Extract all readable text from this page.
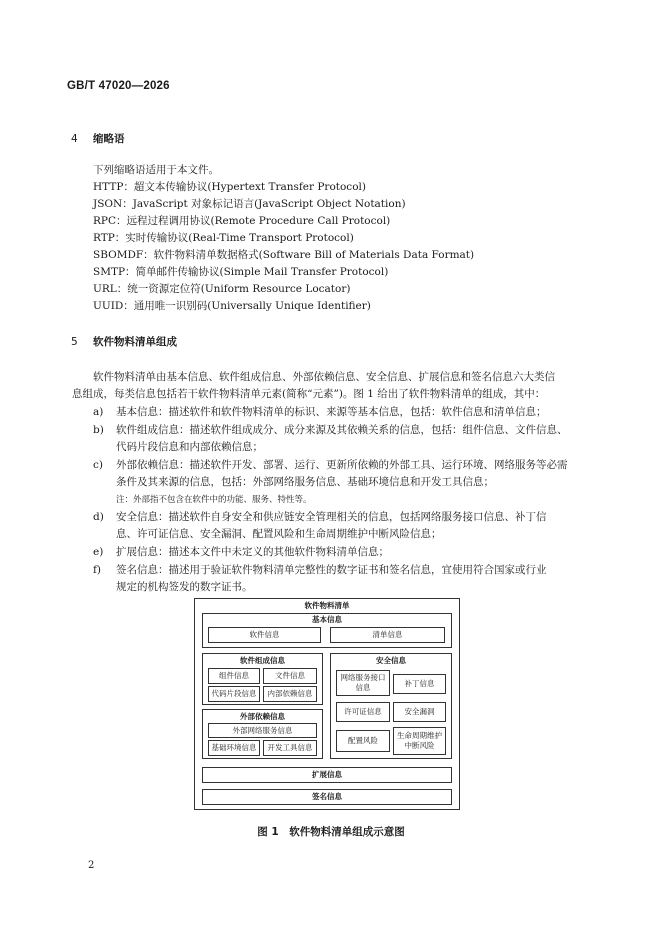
GB/T 47020—2026
4 缩略语
下列缩略语适用于本文件。
HTTP：超文本传输协议(Hypertext Transfer Protocol)
JSON：JavaScript 对象标记语言(JavaScript Object Notation)
RPC：远程过程调用协议(Remote Procedure Call Protocol)
RTP：实时传输协议(Real-Time Transport Protocol)
SBOMDF：软件物料清单数据格式(Software Bill of Materials Data Format)
SMTP：简单邮件传输协议(Simple Mail Transfer Protocol)
URL：统一资源定位符(Uniform Resource Locator)
UUID：通用唯一识别码(Universally Unique Identifier)
5 软件物料清单组成
软件物料清单由基本信息、软件组成信息、外部依赖信息、安全信息、扩展信息和签名信息六大类信
息组成，每类信息包括若干软件物料清单元素(简称“元素”)。图 1 给出了软件物料清单的组成，其中：
a) 基本信息：描述软件和软件物料清单的标识、来源等基本信息，包括：软件信息和清单信息；
b) 软件组成信息：描述软件组成成分、成分来源及其依赖关系的信息，包括：组件信息、文件信息、
代码片段信息和内部依赖信息；
c) 外部依赖信息：描述软件开发、部署、运行、更新所依赖的外部工具、运行环境、网络服务等必需
条件及其来源的信息，包括：外部网络服务信息、基础环境信息和开发工具信息；
注：外部指不包含在软件中的功能、服务、特性等。
d) 安全信息：描述软件自身安全和供应链安全管理相关的信息，包括网络服务接口信息、补丁信
息、许可证信息、安全漏洞、配置风险和生命周期维护中断风险信息；
e) 扩展信息：描述本文件中未定义的其他软件物料清单信息；
f) 签名信息：描述用于验证软件物料清单完整性的数字证书和签名信息，宜使用符合国家或行业
规定的机构签发的数字证书。
软件物料清单
基本信息
软件信息	清单信息
软件组成信息
组件信息	文件信息
代码片段信息	内部依赖信息
外部依赖信息
外部网络服务信息
基础环境信息	开发工具信息
安全信息
网络服务接口
信息	补丁信息
许可证信息	安全漏洞
配置风险
生命周期维护
中断风险
扩展信息
签名信息
图 1　软件物料清单组成示意图
2
